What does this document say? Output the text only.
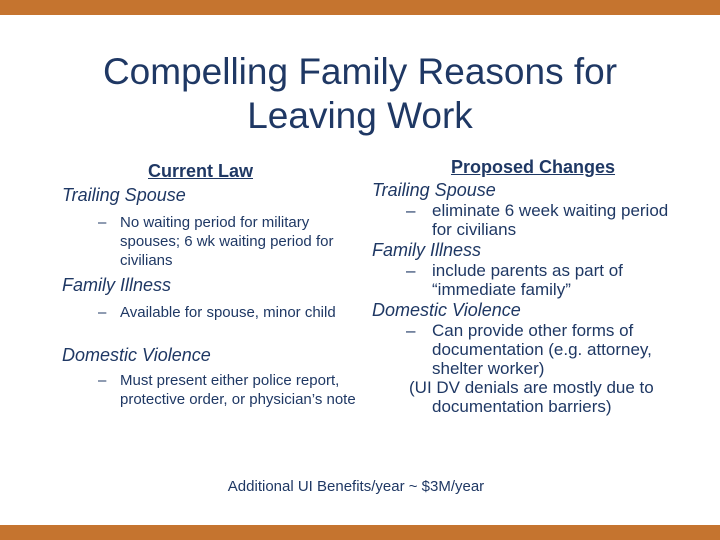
Compelling Family Reasons for Leaving Work
Current Law
Trailing Spouse
– No waiting period for military spouses; 6 wk waiting period for civilians
Family Illness
– Available for spouse, minor child
Domestic Violence
– Must present either police report, protective order, or physician’s note
Proposed Changes
Trailing Spouse
– eliminate 6 week waiting period for civilians
Family Illness
– include parents as part of “immediate family”
Domestic Violence
– Can provide other forms of documentation (e.g. attorney, shelter worker)
(UI DV denials are mostly due to documentation barriers)
Additional UI Benefits/year ~ $3M/year
